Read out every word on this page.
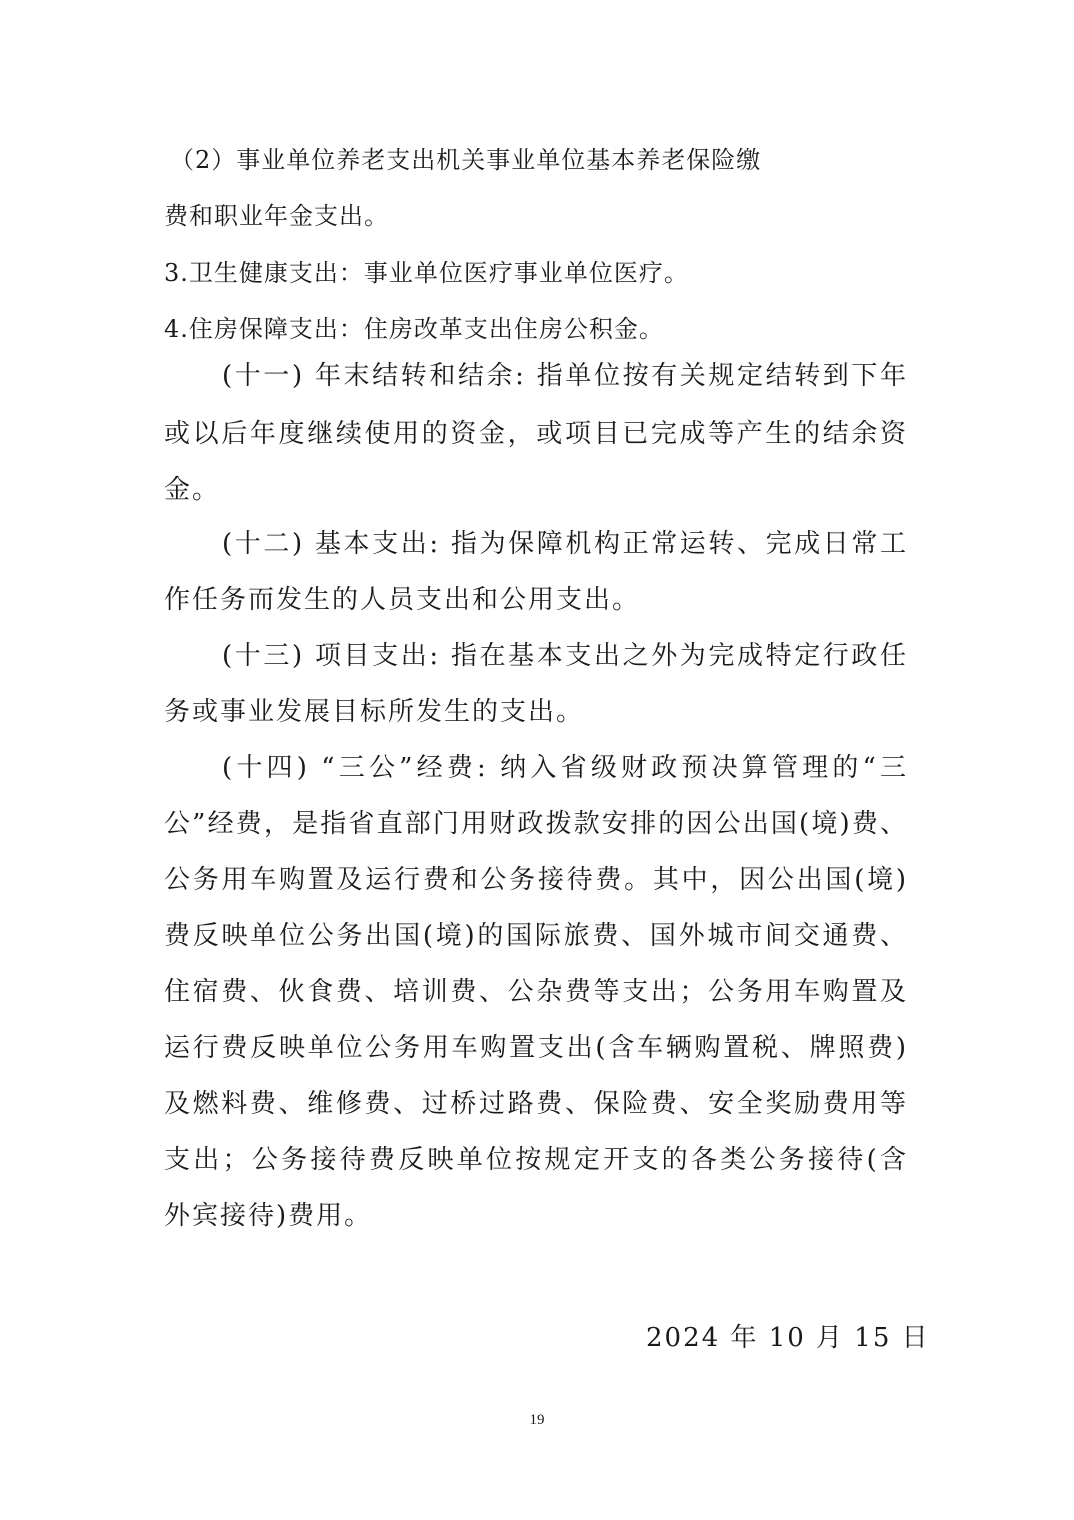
（2）事业单位养老支出机关事业单位基本养老保险缴
费和职业年金支出。
3.卫生健康支出：事业单位医疗事业单位医疗。
4.住房保障支出：住房改革支出住房公积金。
(十一) 年末结转和结余: 指单位按有关规定结转到下年
或以后年度继续使用的资金，或项目已完成等产生的结余资
金。
(十二) 基本支出: 指为保障机构正常运转、完成日常工
作任务而发生的人员支出和公用支出。
(十三) 项目支出: 指在基本支出之外为完成特定行政任
务或事业发展目标所发生的支出。
(十四) “三公”经费: 纳入省级财政预决算管理的“三
公”经费，是指省直部门用财政拨款安排的因公出国(境)费、
公务用车购置及运行费和公务接待费。其中，因公出国(境)
费反映单位公务出国(境)的国际旅费、国外城市间交通费、
住宿费、伙食费、培训费、公杂费等支出；公务用车购置及
运行费反映单位公务用车购置支出(含车辆购置税、牌照费)
及燃料费、维修费、过桥过路费、保险费、安全奖励费用等
支出；公务接待费反映单位按规定开支的各类公务接待(含
外宾接待)费用。
2024 年 10 月 15 日
19
